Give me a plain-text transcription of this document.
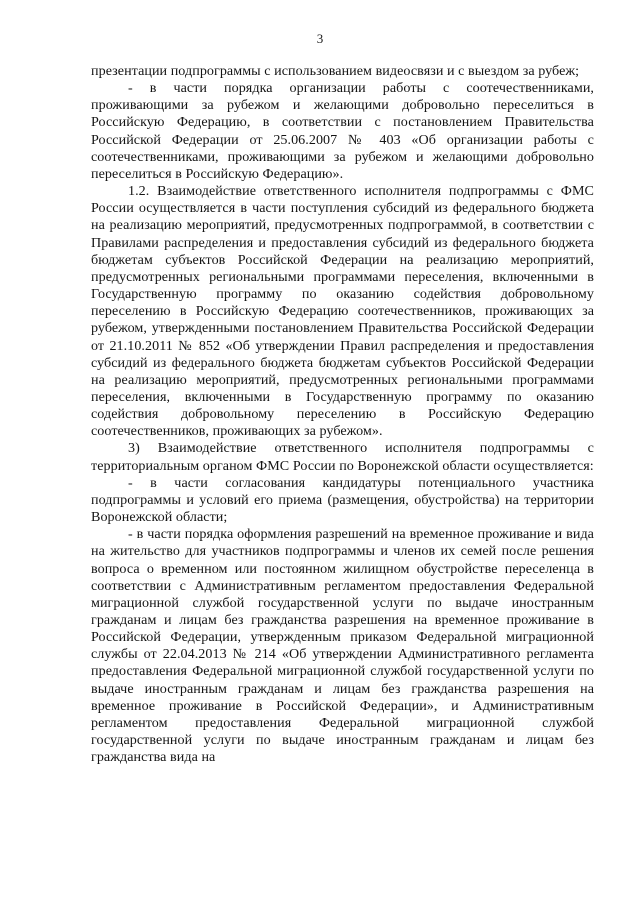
3

презентации подпрограммы с использованием видеосвязи и с выездом за рубеж;

- в части порядка организации работы с соотечественниками, проживающими за рубежом и желающими добровольно переселиться в Российскую Федерацию, в соответствии с постановлением Правительства Российской Федерации от 25.06.2007 № 403 «Об организации работы с соотечественниками, проживающими за рубежом и желающими добровольно переселиться в Российскую Федерацию».

1.2. Взаимодействие ответственного исполнителя подпрограммы с ФМС России осуществляется в части поступления субсидий из федерального бюджета на реализацию мероприятий, предусмотренных подпрограммой, в соответствии с Правилами распределения и предоставления субсидий из федерального бюджета бюджетам субъектов Российской Федерации на реализацию мероприятий, предусмотренных региональными программами переселения, включенными в Государственную программу по оказанию содействия добровольному переселению в Российскую Федерацию соотечественников, проживающих за рубежом, утвержденными постановлением Правительства Российской Федерации от 21.10.2011 № 852 «Об утверждении Правил распределения и предоставления субсидий из федерального бюджета бюджетам субъектов Российской Федерации на реализацию мероприятий, предусмотренных региональными программами переселения, включенными в Государственную программу по оказанию содействия добровольному переселению в Российскую Федерацию соотечественников, проживающих за рубежом».

3) Взаимодействие ответственного исполнителя подпрограммы с территориальным органом ФМС России по Воронежской области осуществляется:

- в части согласования кандидатуры потенциального участника подпрограммы и условий его приема (размещения, обустройства) на территории Воронежской области;

- в части порядка оформления разрешений на временное проживание и вида на жительство для участников подпрограммы и членов их семей после решения вопроса о временном или постоянном жилищном обустройстве переселенца в соответствии с Административным регламентом предоставления Федеральной миграционной службой государственной услуги по выдаче иностранным гражданам и лицам без гражданства разрешения на временное проживание в Российской Федерации, утвержденным приказом Федеральной миграционной службы от 22.04.2013 № 214 «Об утверждении Административного регламента предоставления Федеральной миграционной службой государственной услуги по выдаче иностранным гражданам и лицам без гражданства разрешения на временное проживание в Российской Федерации», и Административным регламентом предоставления Федеральной миграционной службой государственной услуги по выдаче иностранным гражданам и лицам без гражданства вида на
